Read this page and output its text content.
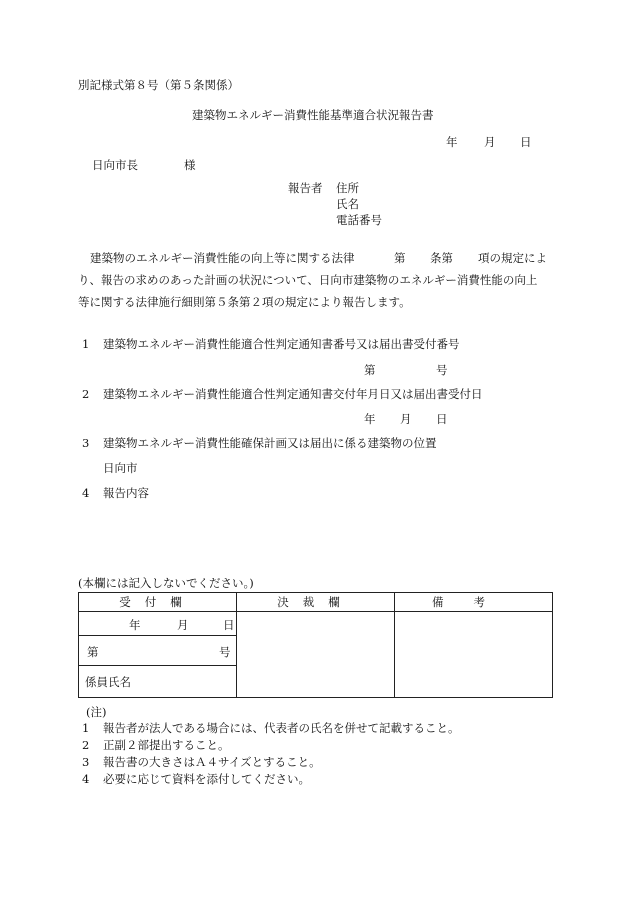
別記様式第８号（第５条関係）
建築物エネルギー消費性能基準適合状況報告書
年 月 日
日向市長	様
報告者 住所
氏名
電話番号
建築物のエネルギー消費性能の向上等に関する法律	第 条第 項の規定によ
り、報告の求めのあった計画の状況について、日向市建築物のエネルギー消費性能の向上
等に関する法律施行細則第５条第２項の規定により報告します。
1 建築物エネルギー消費性能適合性判定通知書番号又は届出書受付番号
第	号
2 建築物エネルギー消費性能適合性判定通知書交付年月日又は届出書受付日
年 月 日
3 建築物エネルギー消費性能確保計画又は届出に係る建築物の位置
日向市
4 報告内容
(本欄には記入しないでください。)
受付欄	決裁欄	備考

年 月 日		

第 号		

係員氏名		
(注)
1 報告者が法人である場合には、代表者の氏名を併せて記載すること。
2 正副２部提出すること。
3 報告書の大きさはＡ４サイズとすること。
4 必要に応じて資料を添付してください。
